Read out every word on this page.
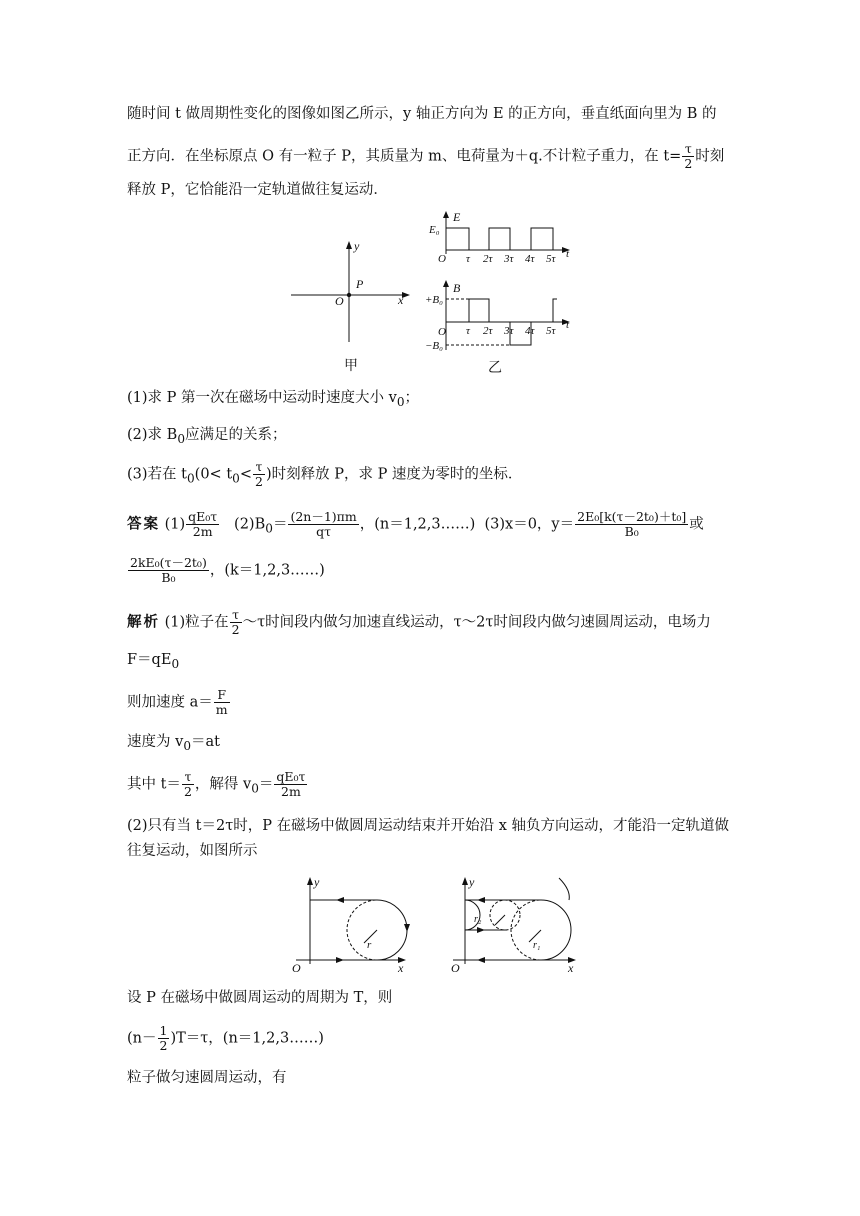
随时间 t 做周期性变化的图像如图乙所示，y 轴正方向为 E 的正方向，垂直纸面向里为 B 的
正方向．在坐标原点 O 有一粒子 P，其质量为 m、电荷量为＋q.不计粒子重力，在 $t= \frac{\tau}{2}$ 时刻
释放 P，它恰能沿一定轨道做往复运动．
y
x
O
P
甲
E
E₀
O	t
τ 2τ 3τ 4τ 5τ
B
+B₀
−B₀
O
t
τ 2τ 3τ 4τ 5τ
乙
(1)求 P 第一次在磁场中运动时速度大小 $v_0$；
(2)求 $B_0$应满足的关系；
(3)若在 $t_0(0< t_0< \frac{\tau}{2}$ )时刻释放 P，求 P 速度为零时的坐标．
答案 $(1) \frac{\text{qE₀τ}}{2m} (2)B_0= \frac{(2n-1)\pi m}{q\tau}$ ，(n＝1,2,3……) (3)x＝0，$y= \frac{\text{2E₀[k(τ－2t₀)＋t₀]}}{\text{B₀}}$ 或
$\frac{\text{2kE₀(τ－2t₀)}}{\text{B₀}}$ ，(k＝1,2,3……)
解析 (1)粒子在 $\frac{\tau}{2}$ ～τ时间段内做匀加速直线运动，τ～2τ时间段内做匀速圆周运动，电场力
$F=qE_0$
则加速度 $a= \frac{F}{m}$
速度为 $v_0=at$
其中 $t= \frac{\tau}{2}$ ，解得 $v_0= \frac{\text{qE₀τ}}{2m}$
(2)只有当 t＝2τ时，P 在磁场中做圆周运动结束并开始沿 x 轴负方向运动，才能沿一定轨道做
往复运动，如图所示
y
x
O
r
y
x
O
r₂
r₁
设 P 在磁场中做圆周运动的周期为 T，则
$(n- \frac{1}{2} )T=\tau$，(n＝1,2,3……)
粒子做匀速圆周运动，有
